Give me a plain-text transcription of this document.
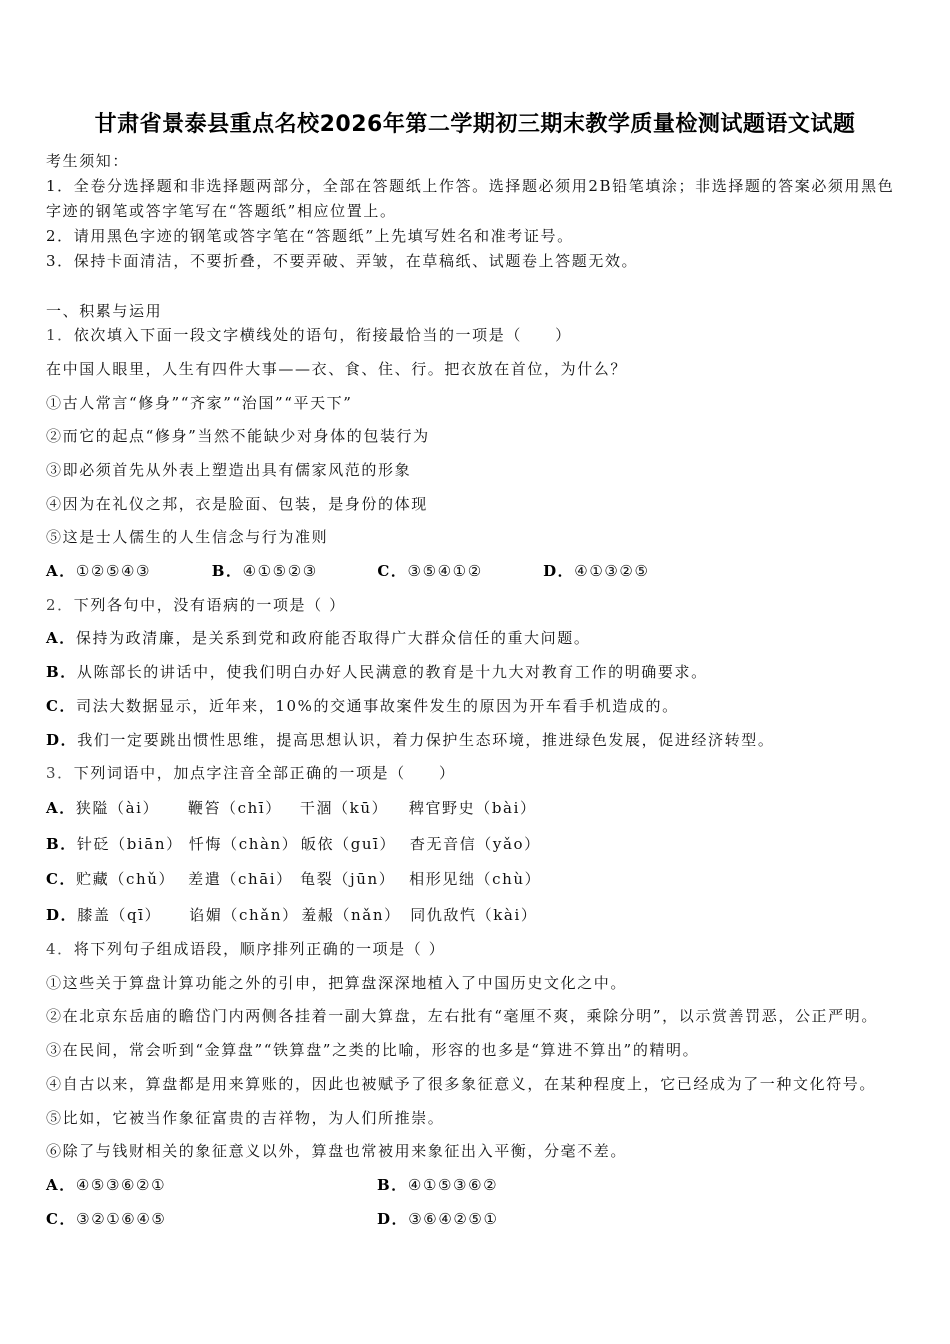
甘肃省景泰县重点名校2026年第二学期初三期末教学质量检测试题语文试题
考生须知：
1．全卷分选择题和非选择题两部分，全部在答题纸上作答。选择题必须用2B铅笔填涂；非选择题的答案必须用黑色字迹的钢笔或答字笔写在“答题纸”相应位置上。
2．请用黑色字迹的钢笔或答字笔在“答题纸”上先填写姓名和准考证号。
3．保持卡面清洁，不要折叠，不要弄破、弄皱，在草稿纸、试题卷上答题无效。
一、积累与运用
1．依次填入下面一段文字横线处的语句，衔接最恰当的一项是（　　）
在中国人眼里，人生有四件大事——衣、食、住、行。把衣放在首位，为什么？
①古人常言“修身”“齐家”“治国”“平天下”
②而它的起点“修身”当然不能缺少对身体的包装行为
③即必须首先从外表上塑造出具有儒家风范的形象
④因为在礼仪之邦，衣是脸面、包装，是身份的体现
⑤这是士人儒生的人生信念与行为准则
A．①②⑤④③	B．④①⑤②③	C．③⑤④①②	D．④①③②⑤
2．下列各句中，没有语病的一项是（ ）
A．保持为政清廉，是关系到党和政府能否取得广大群众信任的重大问题。
B．从陈部长的讲话中，使我们明白办好人民满意的教育是十九大对教育工作的明确要求。
C．司法大数据显示，近年来，10%的交通事故案件发生的原因为开车看手机造成的。
D．我们一定要跳出惯性思维，提高思想认识，着力保护生态环境，推进绿色发展，促进经济转型。
3．下列词语中，加点字注音全部正确的一项是（　　）
A． 狭隘（ài）	鞭笞（chī）	干涸（kū）	稗官野史（bài）
B． 针砭（biān） 忏悔（chàn） 皈依（guī） 杳无音信（yǎo）
C． 贮藏（chǔ） 差遣（chāi） 龟裂（jūn） 相形见绌（chù）
D． 膝盖（qī）	谄媚（chǎn） 羞赧（nǎn） 同仇敌忾（kài）
4．将下列句子组成语段，顺序排列正确的一项是（ ）
①这些关于算盘计算功能之外的引申，把算盘深深地植入了中国历史文化之中。
②在北京东岳庙的瞻岱门内两侧各挂着一副大算盘，左右批有“毫厘不爽，乘除分明”，以示赏善罚恶，公正严明。
③在民间，常会听到“金算盘”“铁算盘”之类的比喻，形容的也多是“算进不算出”的精明。
④自古以来，算盘都是用来算账的，因此也被赋予了很多象征意义，在某种程度上，它已经成为了一种文化符号。
⑤比如，它被当作象征富贵的吉祥物，为人们所推崇。
⑥除了与钱财相关的象征意义以外，算盘也常被用来象征出入平衡，分毫不差。
A．④⑤③⑥②①	B．④①⑤③⑥②
C．③②①⑥④⑤	D．③⑥④②⑤①
